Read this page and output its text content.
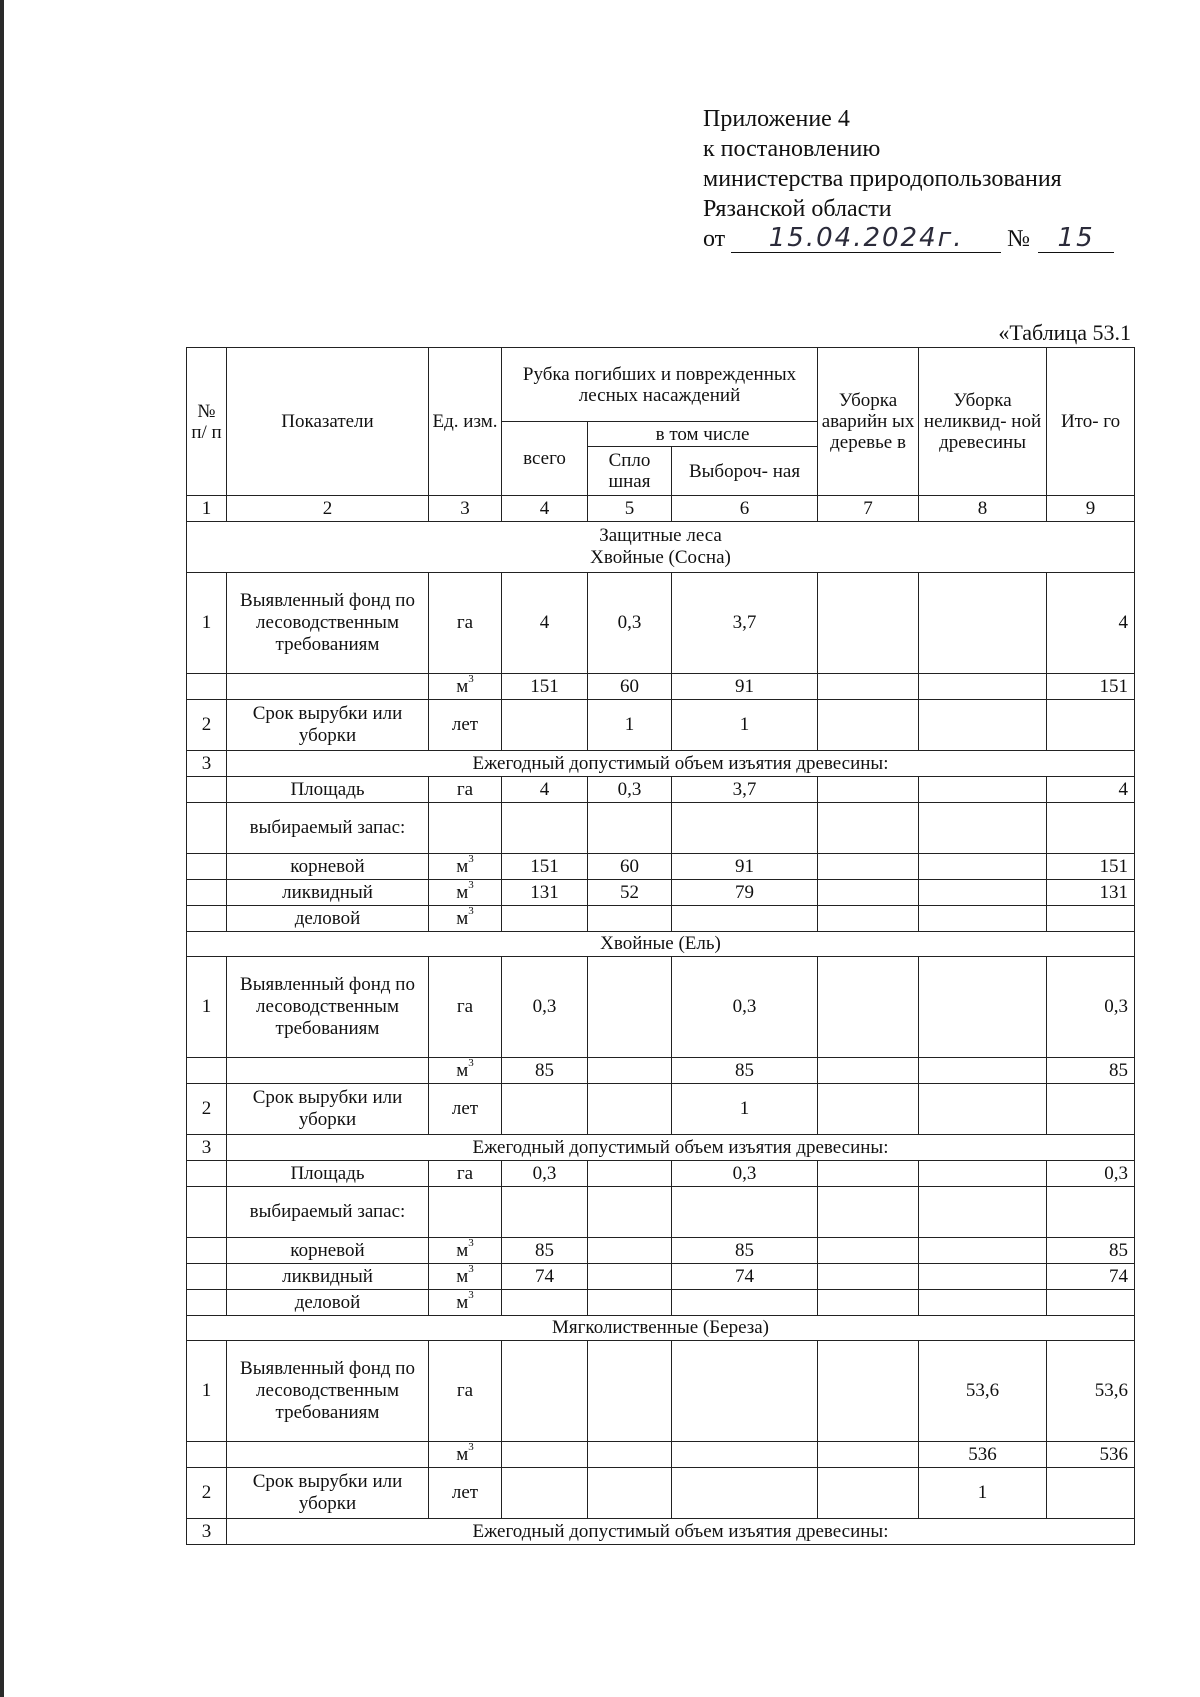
Приложение 4
к постановлению
министерства природопользования
Рязанской области
от 15.04.2024г. № 15
«Таблица 53.1
№ п/ п	Показатели	Ед. изм.	Рубка погибших и поврежденных лесных насаждений			Уборка аварийн ых деревье в	Уборка неликвид- ной древесины	Ито- го
			всего	в том числе				
				Спло шная	Выбороч- ная			
1	2	3	4	5	6	7	8	9

Защитные леса
Хвойные (Сосна)								

1	Выявленный фонд по лесоводственным требованиям	га	4	0,3	3,7			4
		$м^3$	151	60	91			151
2	Срок вырубки или уборки	лет		1	1			
3	Ежегодный допустимый объем изъятия древесины:							
	Площадь	га	4	0,3	3,7			4
	выбираемый запас:							
	корневой	$м^3$	151	60	91			151
	ликвидный	$м^3$	131	52	79			131
	деловой	$м^3$						
Хвойные (Ель)								
1	Выявленный фонд по лесоводственным требованиям	га	0,3		0,3			0,3
		$м^3$	85		85			85
2	Срок вырубки или уборки	лет			1			
3	Ежегодный допустимый объем изъятия древесины:							
	Площадь	га	0,3		0,3			0,3
	выбираемый запас:							
	корневой	$м^3$	85		85			85
	ликвидный	$м^3$	74		74			74
	деловой	$м^3$						
Мягколиственные (Береза)								
1	Выявленный фонд по лесоводственным требованиям	га					53,6	53,6
		$м^3$					536	536
2	Срок вырубки или уборки	лет					1	
3	Ежегодный допустимый объем изъятия древесины:							
